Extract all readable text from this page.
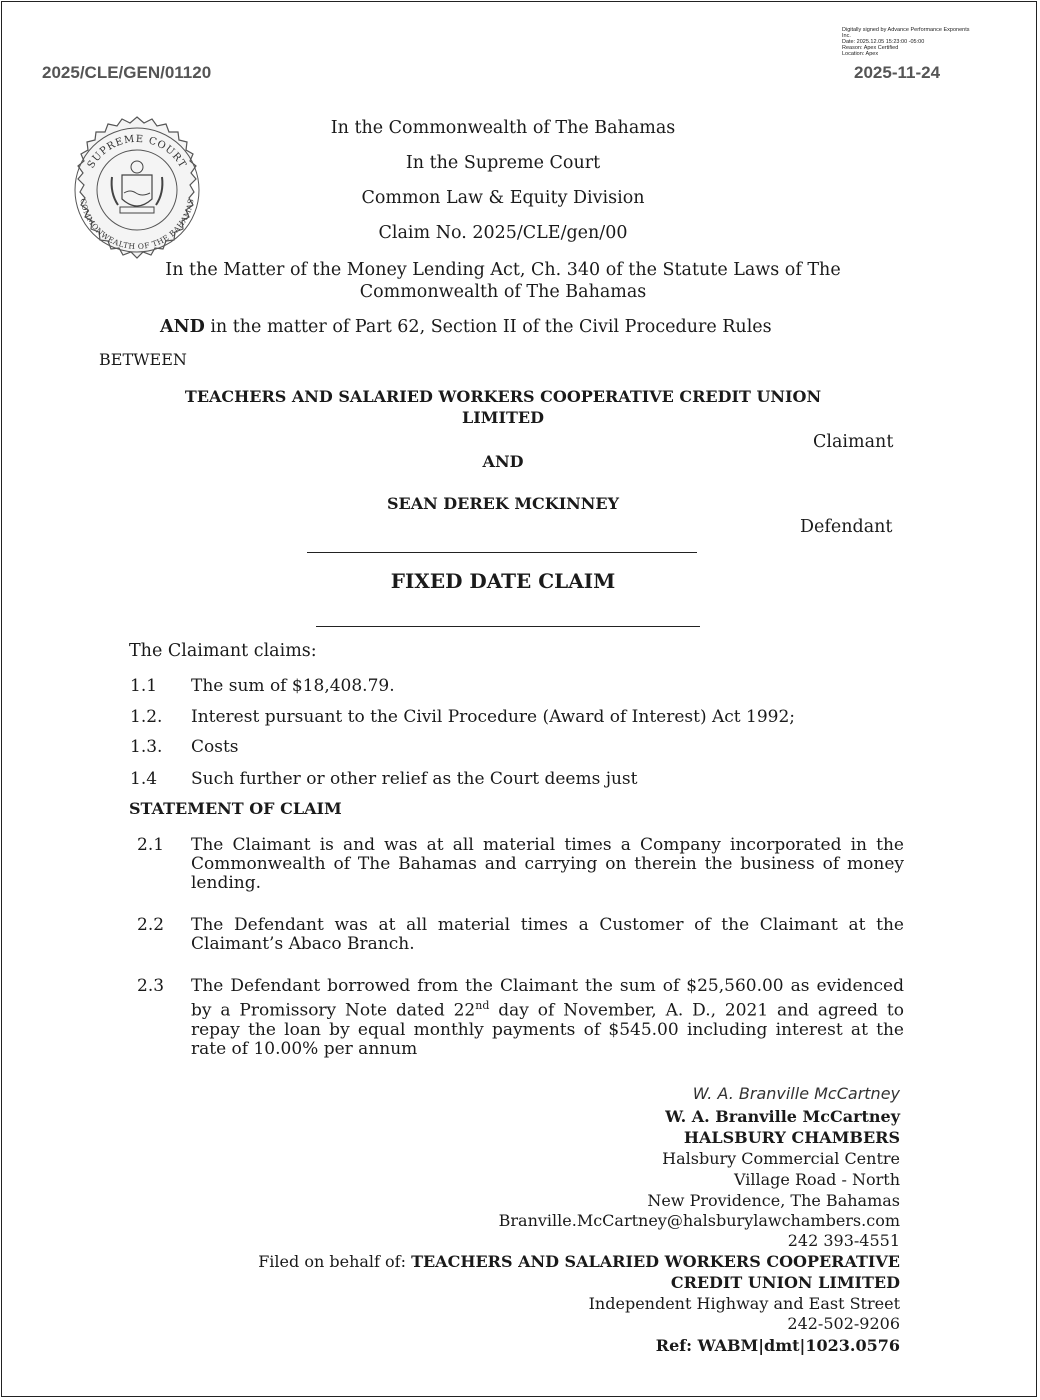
2025/CLE/GEN/01120	2025-11-24
Digitally signed by Advance Performance Exponents
Inc.
Date: 2025.12.05 15:23:00 -05:00
Reason: Apex Certified
Location: Apex
SUPREME COURT
COMMONWEALTH OF THE BAHAMAS
In the Commonwealth of The Bahamas
In the Supreme Court
Common Law & Equity Division
Claim No. 2025/CLE/gen/00
In the Matter of the Money Lending Act, Ch. 340 of the Statute Laws of The
Commonwealth of The Bahamas
AND in the matter of Part 62, Section II of the Civil Procedure Rules
BETWEEN
TEACHERS AND SALARIED WORKERS COOPERATIVE CREDIT UNION
LIMITED
Claimant
AND
SEAN DEREK MCKINNEY
Defendant
FIXED DATE CLAIM
The Claimant claims:
1.1 The sum of $18,408.79.
1.2. Interest pursuant to the Civil Procedure (Award of Interest) Act 1992;
1.3. Costs
1.4 Such further or other relief as the Court deems just
STATEMENT OF CLAIM
2.1 The Claimant is and was at all material times a Company incorporated in the Commonwealth of The Bahamas and carrying on therein the business of money lending.
2.2 The Defendant was at all material times a Customer of the Claimant at the Claimant’s Abaco Branch.
2.3 The Defendant borrowed from the Claimant the sum of $25,560.00 as evidenced by a Promissory Note dated 22nd day of November, A. D., 2021 and agreed to repay the loan by equal monthly payments of $545.00 including interest at the rate of 10.00% per annum
W. A. Branville McCartney
W. A. Branville McCartney
HALSBURY CHAMBERS
Halsbury Commercial Centre
Village Road - North
New Providence, The Bahamas
Branville.McCartney@halsburylawchambers.com
242 393-4551
Filed on behalf of: TEACHERS AND SALARIED WORKERS COOPERATIVE
CREDIT UNION LIMITED
Independent Highway and East Street
242-502-9206
Ref: WABM|dmt|1023.0576
